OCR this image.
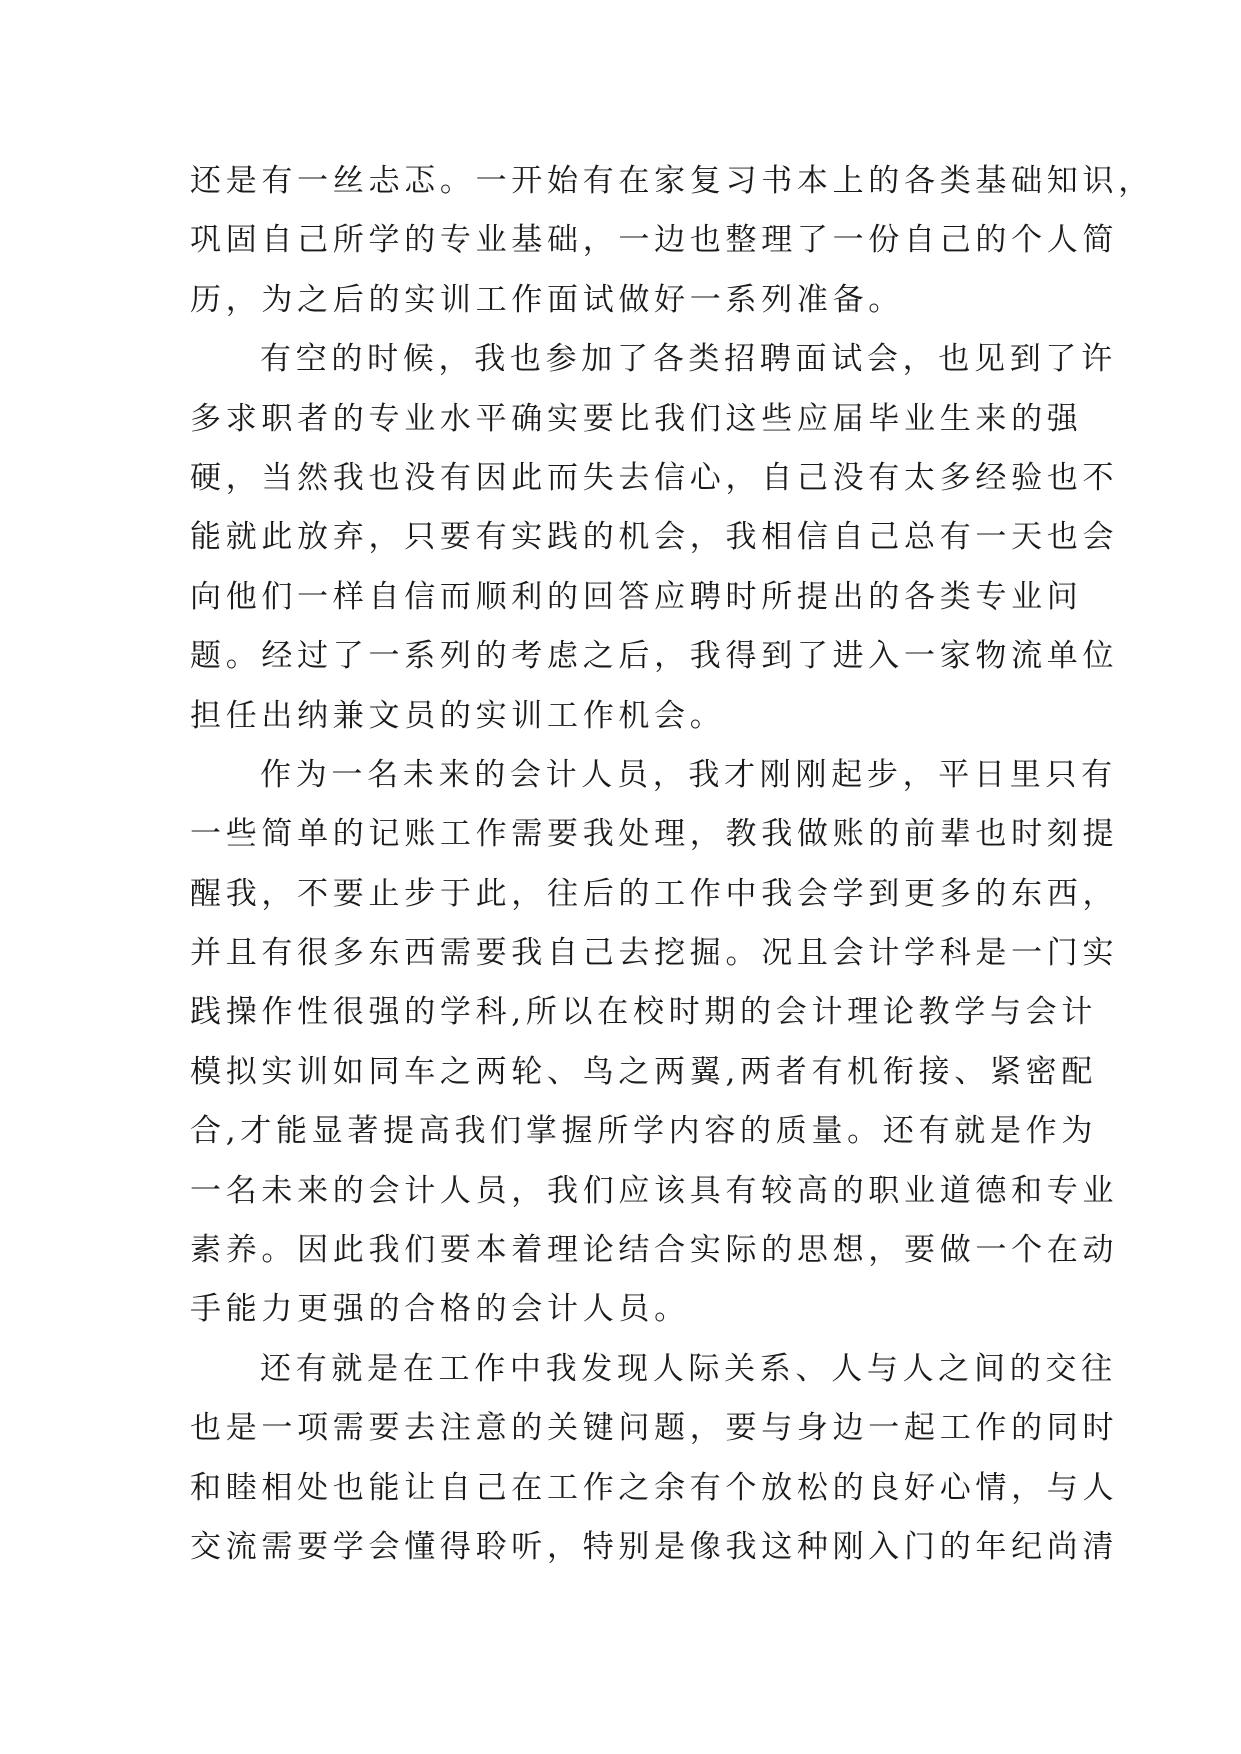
还是有一丝忐忑。一开始有在家复习书本上的各类基础知识，
巩固自己所学的专业基础，一边也整理了一份自己的个人简
历，为之后的实训工作面试做好一系列准备。
有空的时候，我也参加了各类招聘面试会，也见到了许
多求职者的专业水平确实要比我们这些应届毕业生来的强
硬，当然我也没有因此而失去信心，自己没有太多经验也不
能就此放弃，只要有实践的机会，我相信自己总有一天也会
向他们一样自信而顺利的回答应聘时所提出的各类专业问
题。经过了一系列的考虑之后，我得到了进入一家物流单位
担任出纳兼文员的实训工作机会。
作为一名未来的会计人员，我才刚刚起步，平日里只有
一些简单的记账工作需要我处理，教我做账的前辈也时刻提
醒我，不要止步于此，往后的工作中我会学到更多的东西，
并且有很多东西需要我自己去挖掘。况且会计学科是一门实
践操作性很强的学科,所以在校时期的会计理论教学与会计
模拟实训如同车之两轮、鸟之两翼,两者有机衔接、紧密配
合,才能显著提高我们掌握所学内容的质量。还有就是作为
一名未来的会计人员，我们应该具有较高的职业道德和专业
素养。因此我们要本着理论结合实际的思想，要做一个在动
手能力更强的合格的会计人员。
还有就是在工作中我发现人际关系、人与人之间的交往
也是一项需要去注意的关键问题，要与身边一起工作的同时
和睦相处也能让自己在工作之余有个放松的良好心情，与人
交流需要学会懂得聆听，特别是像我这种刚入门的年纪尚清
